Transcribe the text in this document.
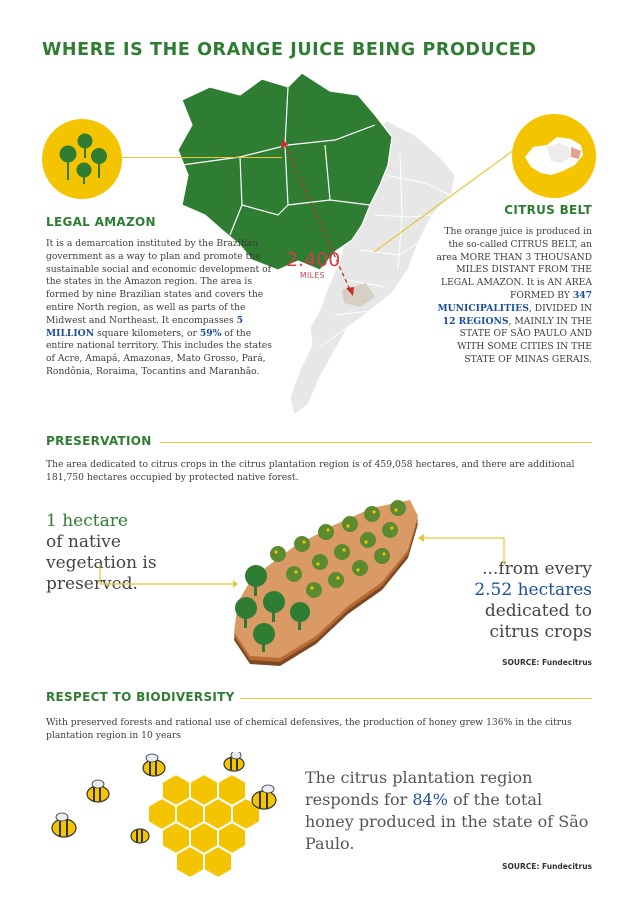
WHERE IS THE ORANGE JUICE BEING PRODUCED
2.400
MILES
LEGAL AMAZON
It is a demarcation instituted by the Brazilian government as a way to plan and promote the sustainable social and economic development of the states in the Amazon region. The area is formed by nine Brazilian states and covers the entire North region, as well as parts of the Midwest and Northeast. It encompasses 5 MILLION square kilometers, or 59% of the entire national territory. This includes the states of Acre, Amapá, Amazonas, Mato Grosso, Pará, Rondônia, Roraima, Tocantins and Maranhão.
CITRUS BELT
The orange juice is produced in the so-called CITRUS BELT, an area MORE THAN 3 THOUSAND MILES DISTANT FROM THE LEGAL AMAZON. It is AN AREA FORMED BY 347 MUNICIPALITIES, DIVIDED IN 12 REGIONS, MAINLY IN THE STATE OF SÃO PAULO AND WITH SOME CITIES IN THE STATE OF MINAS GERAIS.
PRESERVATION
The area dedicated to citrus crops in the citrus plantation region is of 459,058 hectares, and there are additional 181,750 hectares occupied by protected native forest.
1 hectare
of native vegetation is preserved.
...from every
2.52 hectares
dedicated to citrus crops
SOURCE: Fundecitrus
RESPECT TO BIODIVERSITY
With preserved forests and rational use of chemical defensives, the production of honey grew 136% in the citrus plantation region in 10 years
The citrus plantation region responds for 84% of the total honey produced in the state of São Paulo.
SOURCE: Fundecitrus
